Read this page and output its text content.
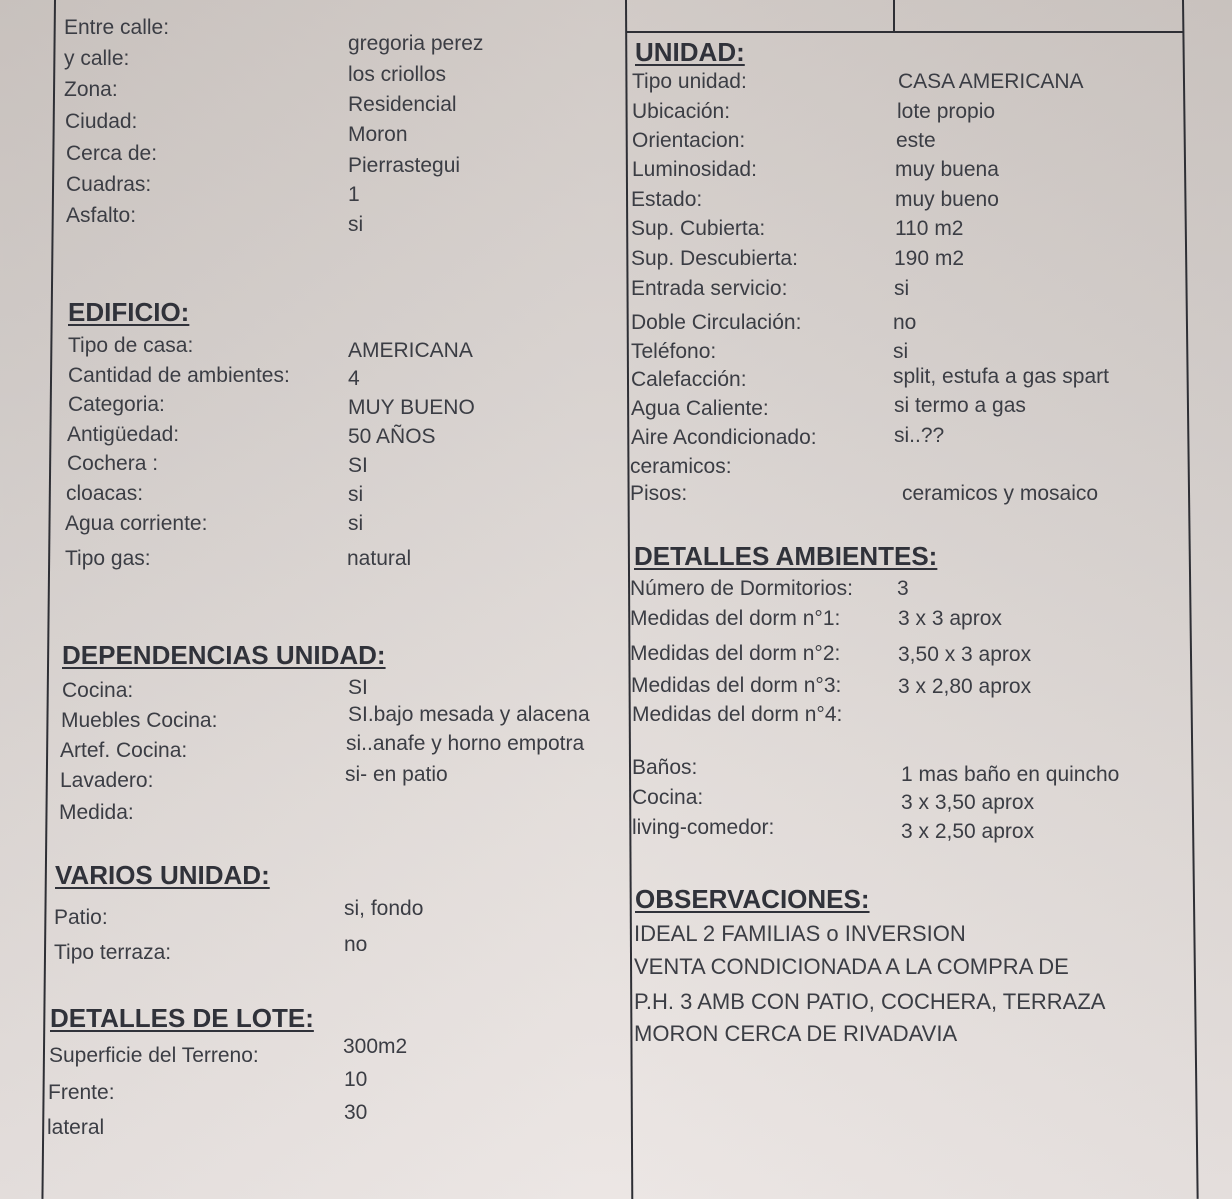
Entre calle:
gregoria perez
y calle:
los criollos
Zona:
Residencial
Ciudad:
Moron
Cerca de:
Pierrastegui
Cuadras:	1
Asfalto:	si
EDIFICIO:
Tipo de casa:	AMERICANA
Cantidad de ambientes:	4
Categoria:	MUY BUENO
Antigüedad:	50 AÑOS
Cochera :	SI
cloacas:	si
Agua corriente:	si
Tipo gas:	natural
DEPENDENCIAS UNIDAD:
Cocina:	SI
Muebles Cocina:	SI.bajo mesada y alacena
Artef. Cocina:	si..anafe y horno empotra
Lavadero:	si- en patio
Medida:
VARIOS UNIDAD:
Patio:	si, fondo
Tipo terraza:	no
DETALLES DE LOTE:
Superficie del Terreno:	300m2
Frente:
10
lateral
30
UNIDAD:
Tipo unidad:	CASA AMERICANA
Ubicación:	lote propio
Orientacion:	este
Luminosidad:	muy buena
Estado:	muy bueno
Sup. Cubierta:	110 m2
Sup. Descubierta:	190 m2
Entrada servicio:	si
Doble Circulación:	no
Teléfono:	si
Calefacción:	split, estufa a gas spart
Agua Caliente:	si termo a gas
Aire Acondicionado:	si..??
ceramicos:
Pisos:	ceramicos y mosaico
DETALLES AMBIENTES:
Número de Dormitorios: 3
Medidas del dorm n°1:	3 x 3 aprox
Medidas del dorm n°2:	3,50 x 3 aprox
Medidas del dorm n°3:	3 x 2,80 aprox
Medidas del dorm n°4:
Baños:	1 mas baño en quincho
Cocina:	3 x 3,50 aprox
living-comedor:	3 x 2,50 aprox
OBSERVACIONES:
IDEAL 2 FAMILIAS o INVERSION
VENTA CONDICIONADA A LA COMPRA DE
P.H. 3 AMB CON PATIO, COCHERA, TERRAZA
MORON CERCA DE RIVADAVIA
